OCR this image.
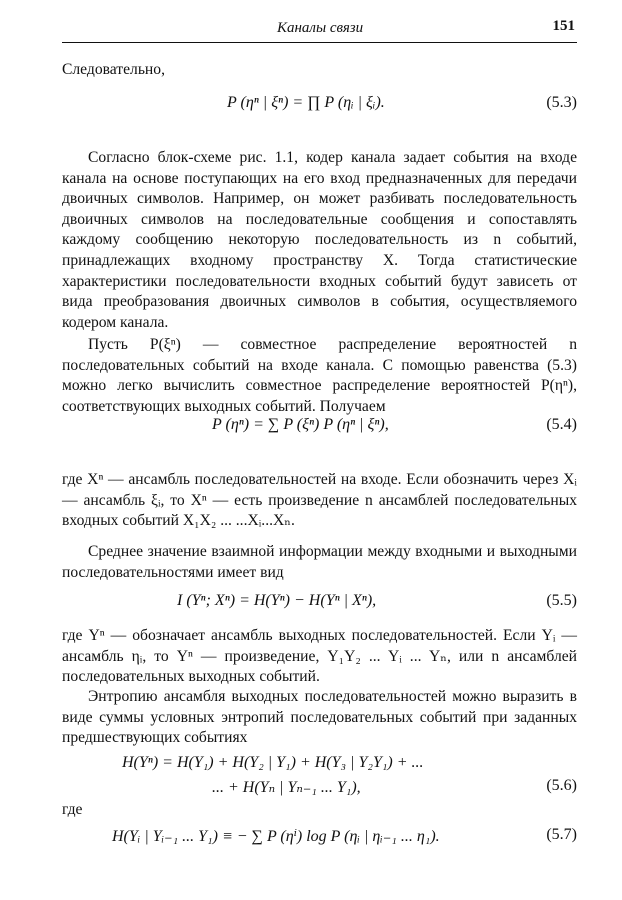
Каналы связи	151
Следовательно,
P (ηⁿ | ξⁿ) = ∏ P (ηᵢ | ξᵢ).	(5.3)
Согласно блок-схеме рис. 1.1, кодер канала задает события на входе канала на основе поступающих на его вход предназначенных для передачи двоичных символов. Например, он может разбивать последовательность двоичных символов на последовательные сообщения и сопоставлять каждому сообщению некоторую последовательность из n событий, принадлежащих входному пространству X. Тогда статистические характеристики последовательности входных событий будут зависеть от вида преобразования двоичных символов в события, осуществляемого кодером канала.
Пусть P(ξⁿ) — совместное распределение вероятностей n последовательных событий на входе канала. С помощью равенства (5.3) можно легко вычислить совместное распределение вероятностей P(ηⁿ), соответствующих выходных событий. Получаем
P (ηⁿ) = ∑ P (ξⁿ) P (ηⁿ | ξⁿ),	(5.4)
где Xⁿ — ансамбль последовательностей на входе. Если обозначить через Xᵢ — ансамбль ξᵢ, то Xⁿ — есть произведение n ансамблей последовательных входных событий X₁X₂ ... ...Xᵢ...Xₙ.
Среднее значение взаимной информации между входными и выходными последовательностями имеет вид
I (Yⁿ; Xⁿ) = H(Yⁿ) − H(Yⁿ | Xⁿ),	(5.5)
где Yⁿ — обозначает ансамбль выходных последовательностей. Если Yᵢ — ансамбль ηᵢ, то Yⁿ — произведение, Y₁Y₂ ... Yᵢ ... Yₙ, или n ансамблей последовательных выходных событий.
Энтропию ансамбля выходных последовательностей можно выразить в виде суммы условных энтропий последовательных событий при заданных предшествующих событиях
H(Yⁿ) = H(Y₁) + H(Y₂ | Y₁) + H(Y₃ | Y₂Y₁) + ...
... + H(Yₙ | Yₙ₋₁ ... Y₁),	(5.6)
где
H(Yᵢ | Yᵢ₋₁ ... Y₁) ≡ − ∑ P (ηⁱ) log P (ηᵢ | ηᵢ₋₁ ... η₁).	(5.7)
